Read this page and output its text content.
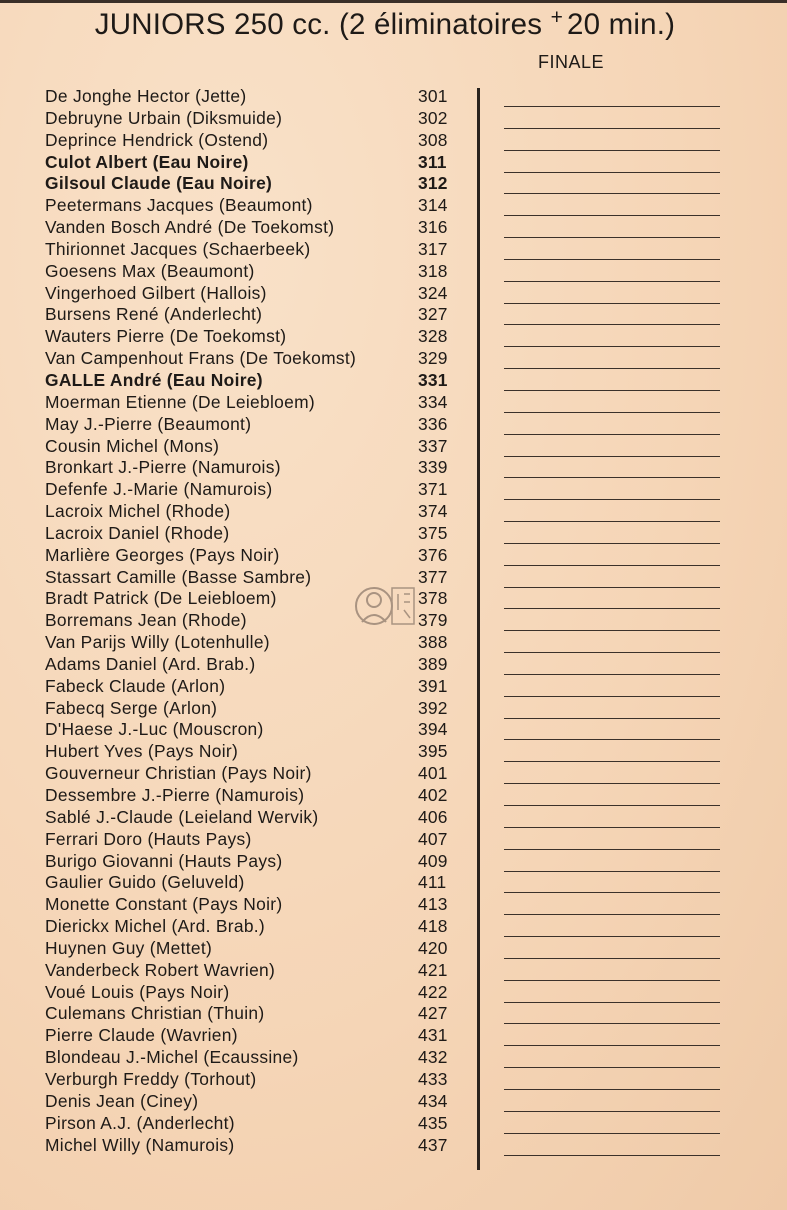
JUNIORS 250 cc. (2 éliminatoires + 20 min.)
FINALE
De Jonghe Hector (Jette)	301
Debruyne Urbain (Diksmuide)	302
Deprince Hendrick (Ostend)	308
Culot Albert (Eau Noire)	311
Gilsoul Claude (Eau Noire)	312
Peetermans Jacques (Beaumont)	314
Vanden Bosch André (De Toekomst)	316
Thirionnet Jacques (Schaerbeek)	317
Goesens Max (Beaumont)	318
Vingerhoed Gilbert (Hallois)	324
Bursens René (Anderlecht)	327
Wauters Pierre (De Toekomst)	328
Van Campenhout Frans (De Toekomst)	329
GALLE André (Eau Noire)	331
Moerman Etienne (De Leiebloem)	334
May J.-Pierre (Beaumont)	336
Cousin Michel (Mons)	337
Bronkart J.-Pierre (Namurois)	339
Defenfe J.-Marie (Namurois)	371
Lacroix Michel (Rhode)	374
Lacroix Daniel (Rhode)	375
Marlière Georges (Pays Noir)	376
Stassart Camille (Basse Sambre)	377
Bradt Patrick (De Leiebloem)	378
Borremans Jean (Rhode)	379
Van Parijs Willy (Lotenhulle)	388
Adams Daniel (Ard. Brab.)	389
Fabeck Claude (Arlon)	391
Fabecq Serge (Arlon)	392
D'Haese J.-Luc (Mouscron)	394
Hubert Yves (Pays Noir)	395
Gouverneur Christian (Pays Noir)	401
Dessembre J.-Pierre (Namurois)	402
Sablé J.-Claude (Leieland Wervik)	406
Ferrari Doro (Hauts Pays)	407
Burigo Giovanni (Hauts Pays)	409
Gaulier Guido (Geluveld)	411
Monette Constant (Pays Noir)	413
Dierickx Michel (Ard. Brab.)	418
Huynen Guy (Mettet)	420
Vanderbeck Robert Wavrien)	421
Voué Louis (Pays Noir)	422
Culemans Christian (Thuin)	427
Pierre Claude (Wavrien)	431
Blondeau J.-Michel (Ecaussine)	432
Verburgh Freddy (Torhout)	433
Denis Jean (Ciney)	434
Pirson A.J. (Anderlecht)	435
Michel Willy (Namurois)	437
